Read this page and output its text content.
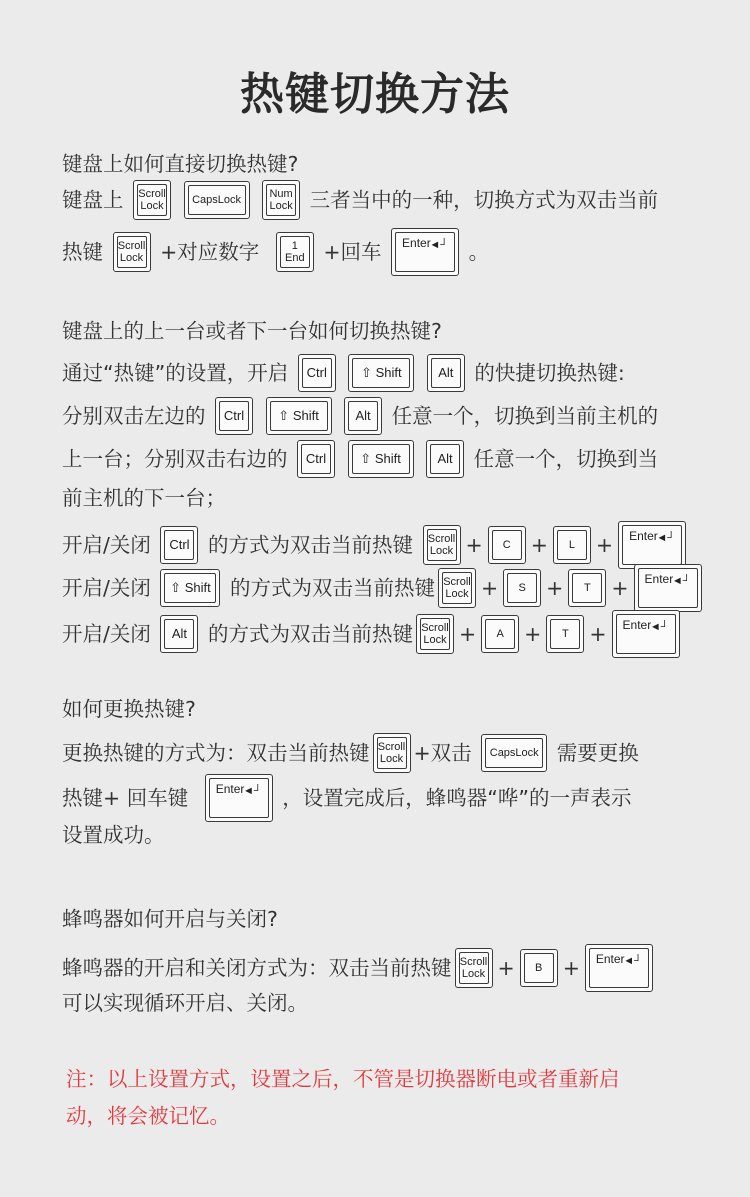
热键切换方法
键盘上如何直接切换热键?
键盘上 Scroll
Lock
	CapsLock
	Num
Lock 三者当中的一种，切换方式为双击当前
热键 Scroll
Lock +对应数字	1
End +回车 Enter
◄┘ 。
键盘上的上一台或者下一台如何切换热键?
通过“热键”的设置，开启	Ctrl
	⇧
Shift
	Alt	的快捷切换热键:
分别双击左边的	Ctrl
	⇧
Shift
	Alt	任意一个，切换到当前主机的
上一台；分别双击右边的	Ctrl
	⇧
Shift
	Alt	任意一个，切换到当
前主机的下一台；
开启/关闭	Ctrl 的方式为双击当前热键 Scroll
Lock +	C +	L	+ Enter
◄┘
开启/关闭 ⇧
Shift 的方式为双击当前热键 Scroll
Lock +	S +	T	+ Enter
◄┘
开启/关闭	Alt	的方式为双击当前热键 Scroll
Lock +	A +	T	+ Enter
◄┘
如何更换热键?
更换热键的方式为：双击当前热键 Scroll
Lock +双击	CapsLock 需要更换
热键+ 回车键 Enter
◄┘ ，设置完成后，蜂鸣器“哗”的一声表示
设置成功。
蜂鸣器如何开启与关闭?
蜂鸣器的开启和关闭方式为：双击当前热键 Scroll
Lock +	B + Enter
◄┘
可以实现循环开启、关闭。
注：以上设置方式，设置之后，不管是切换器断电或者重新启
动，将会被记忆。
